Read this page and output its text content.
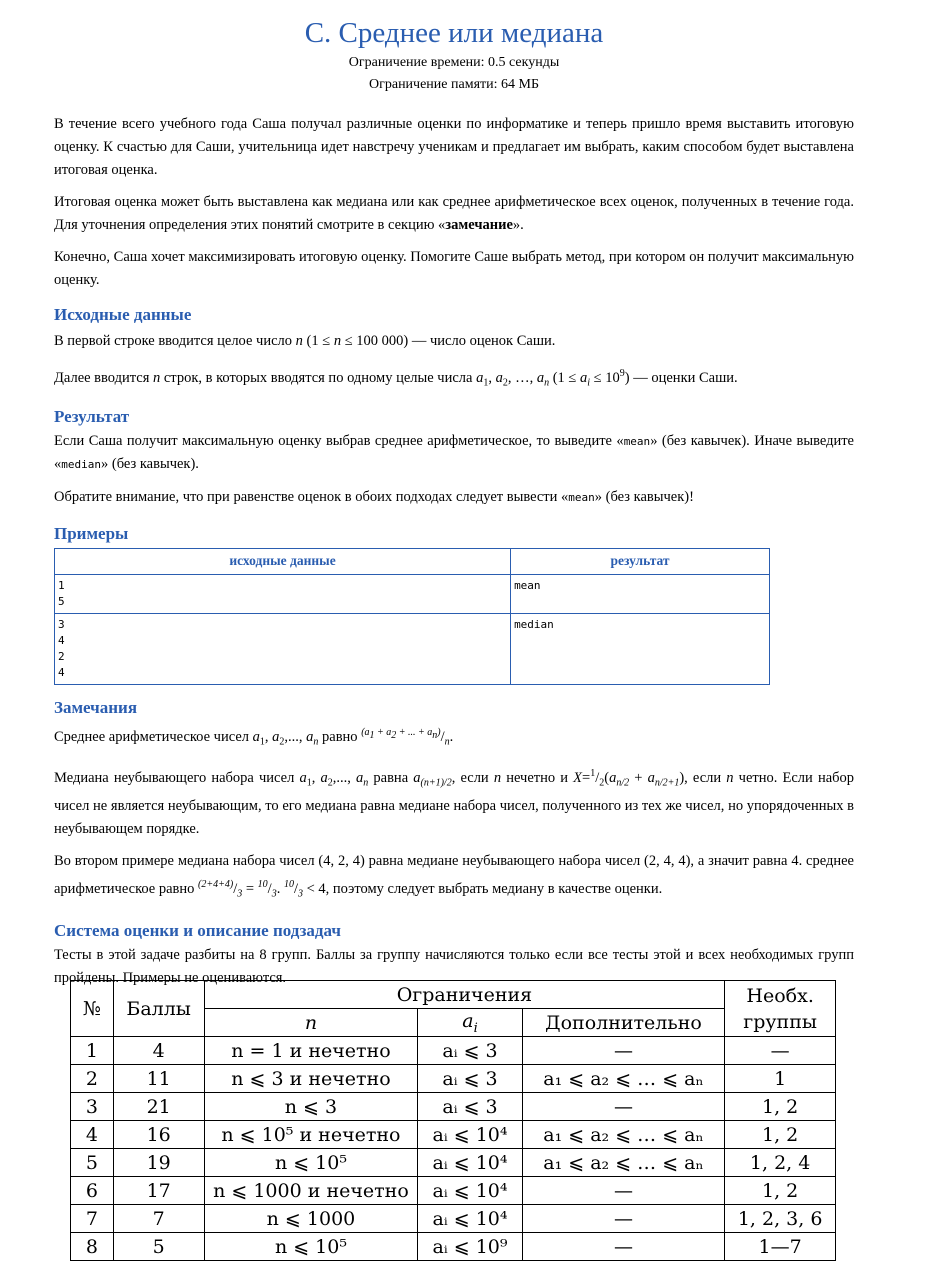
C. Среднее или медиана
Ограничение времени: 0.5 секунды
Ограничение памяти: 64 МБ

В течение всего учебного года Саша получал различные оценки по информатике и теперь пришло время выставить итоговую оценку. К счастью для Саши, учительница идет навстречу ученикам и предлагает им выбрать, каким способом будет выставлена итоговая оценка.

Итоговая оценка может быть выставлена как медиана или как среднее арифметическое всех оценок, полученных в течение года. Для уточнения определения этих понятий смотрите в секцию «замечание».

Конечно, Саша хочет максимизировать итоговую оценку. Помогите Саше выбрать метод, при котором он получит максимальную оценку.

Исходные данные

В первой строке вводится целое число n (1 ≤ n ≤ 100 000) — число оценок Саши.

Далее вводится n строк, в которых вводятся по одному целые числа $a_1$, $a_2$, …, $a_n$ $(1 \le a_i \le 10^9)$ — оценки Саши.

Результат

Если Саша получит максимальную оценку выбрав среднее арифметическое, то выведите «mean» (без кавычек). Иначе выведите «median» (без кавычек).

Обратите внимание, что при равенстве оценок в обоих подходах следует вывести «mean» (без кавычек)!

Примеры
исходные данные	результат

1
5	mean

3
4
2
4	median
Замечания

Среднее арифметическое чисел $a_1$, $a_2$,..., $a_n$ равно $^{(a_1 + a_2 + ... + a_n)}/_n$.

Медиана неубывающего набора чисел $a_1$, $a_2$,..., $a_n$ равна $a_{(n+1)/2}$, если n нечетно и $X=^1/_2(a_{n/2} + a_{n/2+1})$, если n четно. Если набор чисел не является неубывающим, то его медиана равна медиане набора чисел, полученного из тех же чисел, но упорядоченных в неубывающем порядке.

Во втором примере медиана набора чисел (4, 2, 4) равна медиане неубывающего набора чисел (2, 4, 4), а значит равна 4. среднее арифметическое равно $^{(2+4+4)}/_3 = ^{10}/_3$. $^{10}/_3 < 4$, поэтому следует выбрать медиану в качестве оценки.

Система оценки и описание подзадач

Тесты в этой задаче разбиты на 8 групп. Баллы за группу начисляются только если все тесты этой и всех необходимых групп пройдены. Примеры не оцениваются.

№	Баллы	Ограничения			Необх. группы
		n	$a_i$	Дополнительно	
1	4	n = 1 и нечетно	aᵢ ⩽ 3	—	—
2	11	n ⩽ 3 и нечетно	aᵢ ⩽ 3	a₁ ⩽ a₂ ⩽ … ⩽ aₙ	1
3	21	n ⩽ 3	aᵢ ⩽ 3	—	1, 2
4	16	n ⩽ 10⁵ и нечетно	aᵢ ⩽ 10⁴	a₁ ⩽ a₂ ⩽ … ⩽ aₙ	1, 2
5	19	n ⩽ 10⁵	aᵢ ⩽ 10⁴	a₁ ⩽ a₂ ⩽ … ⩽ aₙ	1, 2, 4
6	17	n ⩽ 1000 и нечетно	aᵢ ⩽ 10⁴	—	1, 2
7	7	n ⩽ 1000	aᵢ ⩽ 10⁴	—	1, 2, 3, 6
8	5	n ⩽ 10⁵	aᵢ ⩽ 10⁹	—	1—7
